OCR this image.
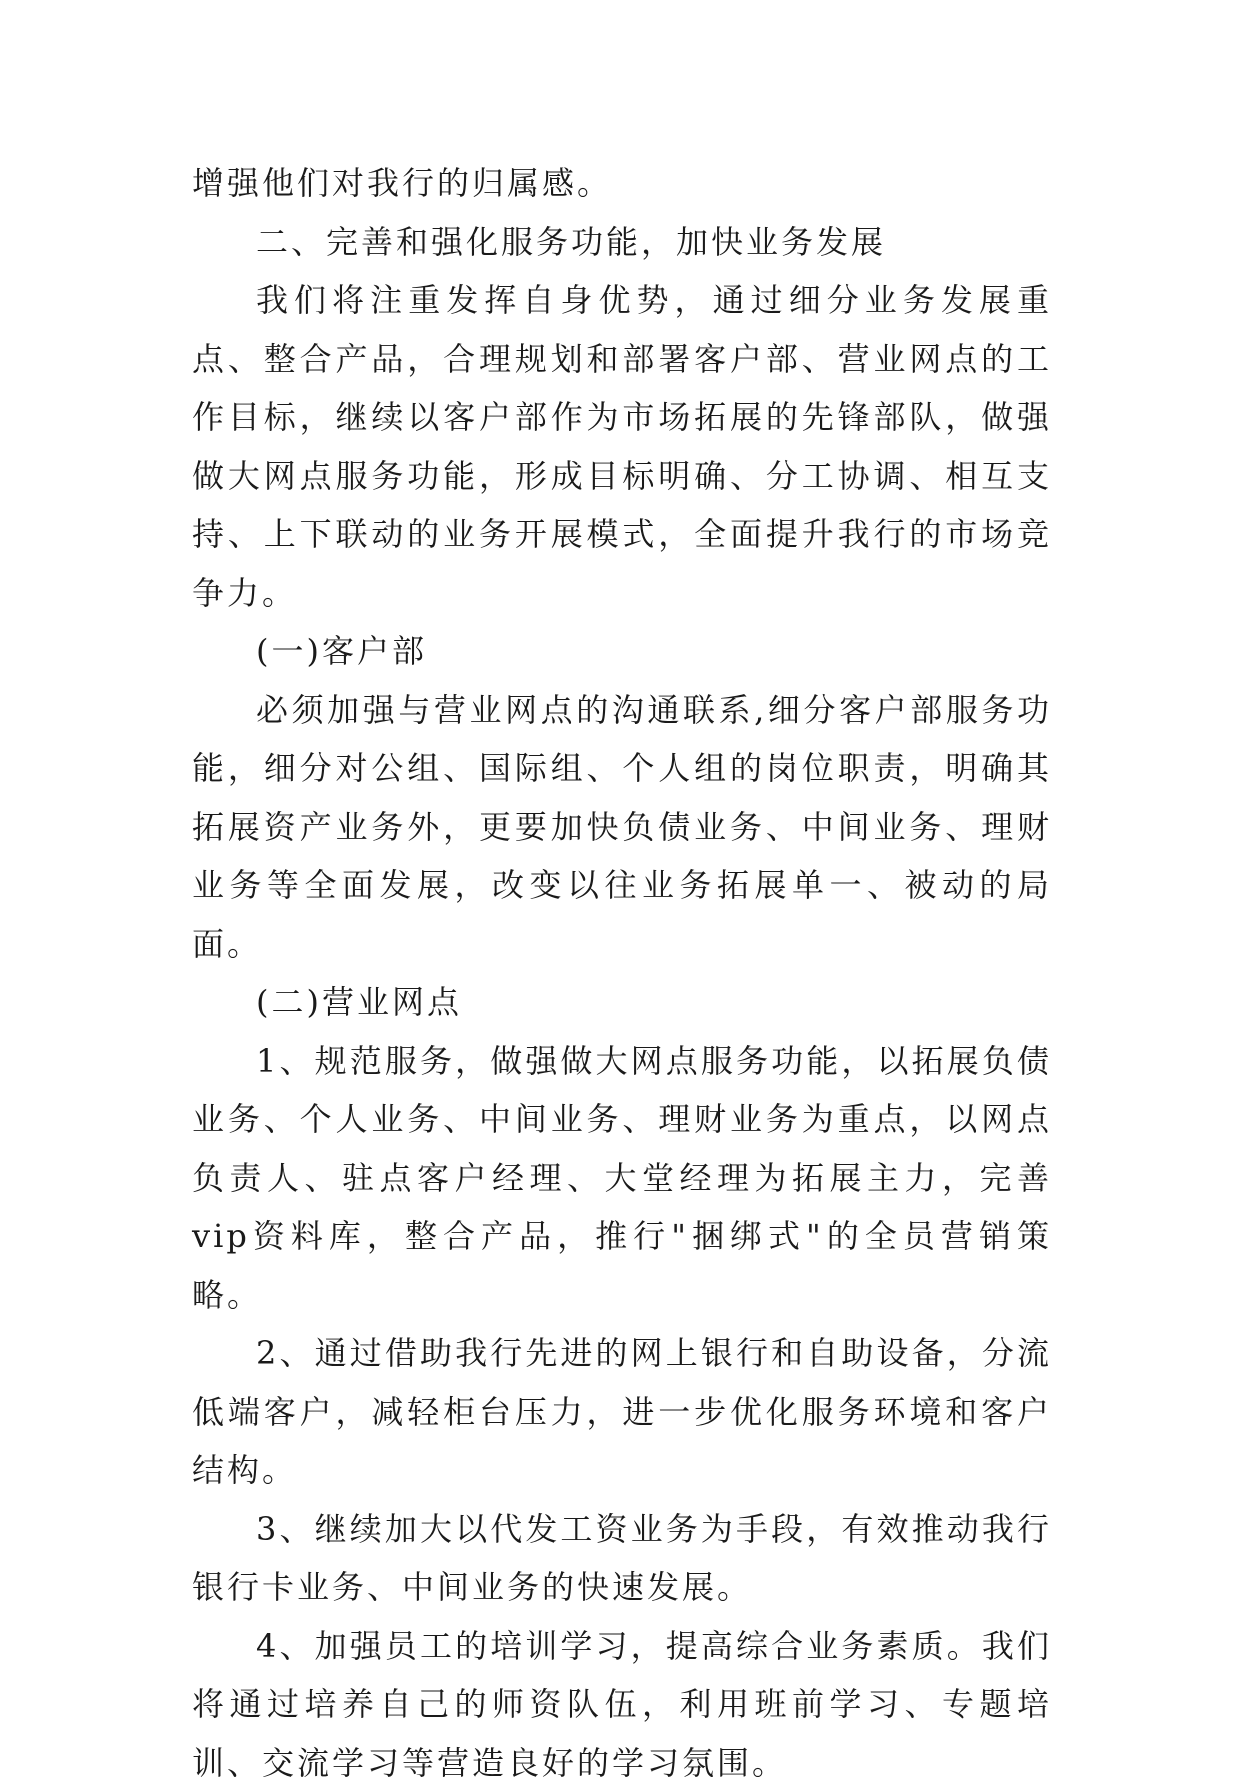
增强他们对我行的归属感。

二、完善和强化服务功能，加快业务发展

我们将注重发挥自身优势，通过细分业务发展重点、整合产品，合理规划和部署客户部、营业网点的工作目标，继续以客户部作为市场拓展的先锋部队，做强做大网点服务功能，形成目标明确、分工协调、相互支持、上下联动的业务开展模式，全面提升我行的市场竞争力。

(一)客户部

必须加强与营业网点的沟通联系,细分客户部服务功能，细分对公组、国际组、个人组的岗位职责，明确其拓展资产业务外，更要加快负债业务、中间业务、理财业务等全面发展，改变以往业务拓展单一、被动的局面。

(二)营业网点

1、规范服务，做强做大网点服务功能，以拓展负债业务、个人业务、中间业务、理财业务为重点，以网点负责人、驻点客户经理、大堂经理为拓展主力，完善vip资料库，整合产品，推行"捆绑式"的全员营销策略。

2、通过借助我行先进的网上银行和自助设备，分流低端客户，减轻柜台压力，进一步优化服务环境和客户结构。

3、继续加大以代发工资业务为手段，有效推动我行银行卡业务、中间业务的快速发展。

4、加强员工的培训学习，提高综合业务素质。我们将通过培养自己的师资队伍，利用班前学习、专题培训、交流学习等营造良好的学习氛围。
